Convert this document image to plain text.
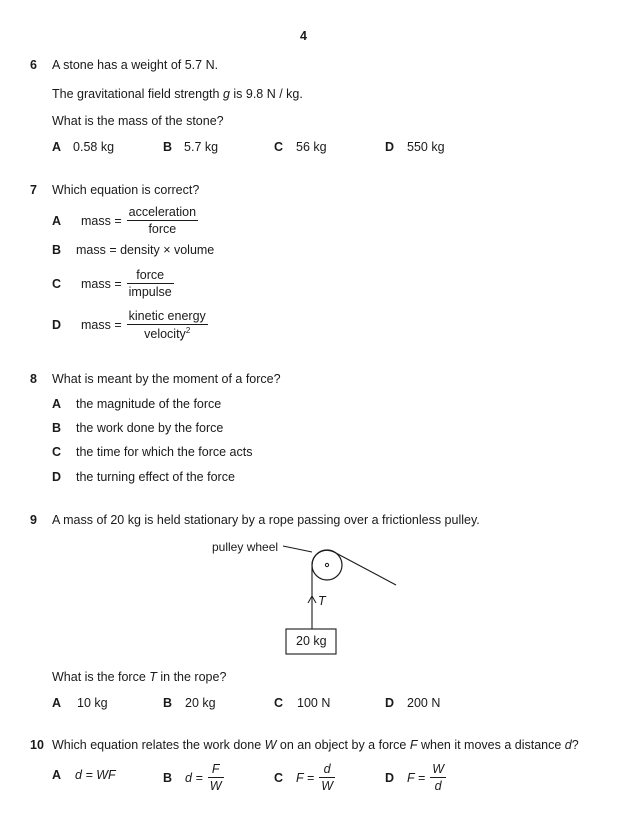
4
6 A stone has a weight of 5.7 N.
The gravitational field strength g is 9.8 N / kg.
What is the mass of the stone?
A 0.58 kg	B 5.7 kg	C 56 kg	D 550 kg
7 Which equation is correct?
A	mass = $\frac{\text{acceleration}}{\text{force}}$
B mass = density × volume
C	mass = $\frac{\text{force}}{\text{impulse}}$
D	mass = $\frac{\text{kinetic energy}}{velocity^2}$
8 What is meant by the moment of a force?
A the magnitude of the force
B the work done by the force
C the time for which the force acts
D the turning effect of the force
9 A mass of 20 kg is held stationary by a rope passing over a frictionless pulley.
pulley wheel
T
20 kg
What is the force T in the rope?
A 10 kg	B 20 kg	C 100 N	D 200 N
10 Which equation relates the work done W on an object by a force F when it moves a distance d?
A d = WF	B $d = \frac{F}{W}$	C $F = \frac{d}{W}$	D $F = \frac{W}{d}$
